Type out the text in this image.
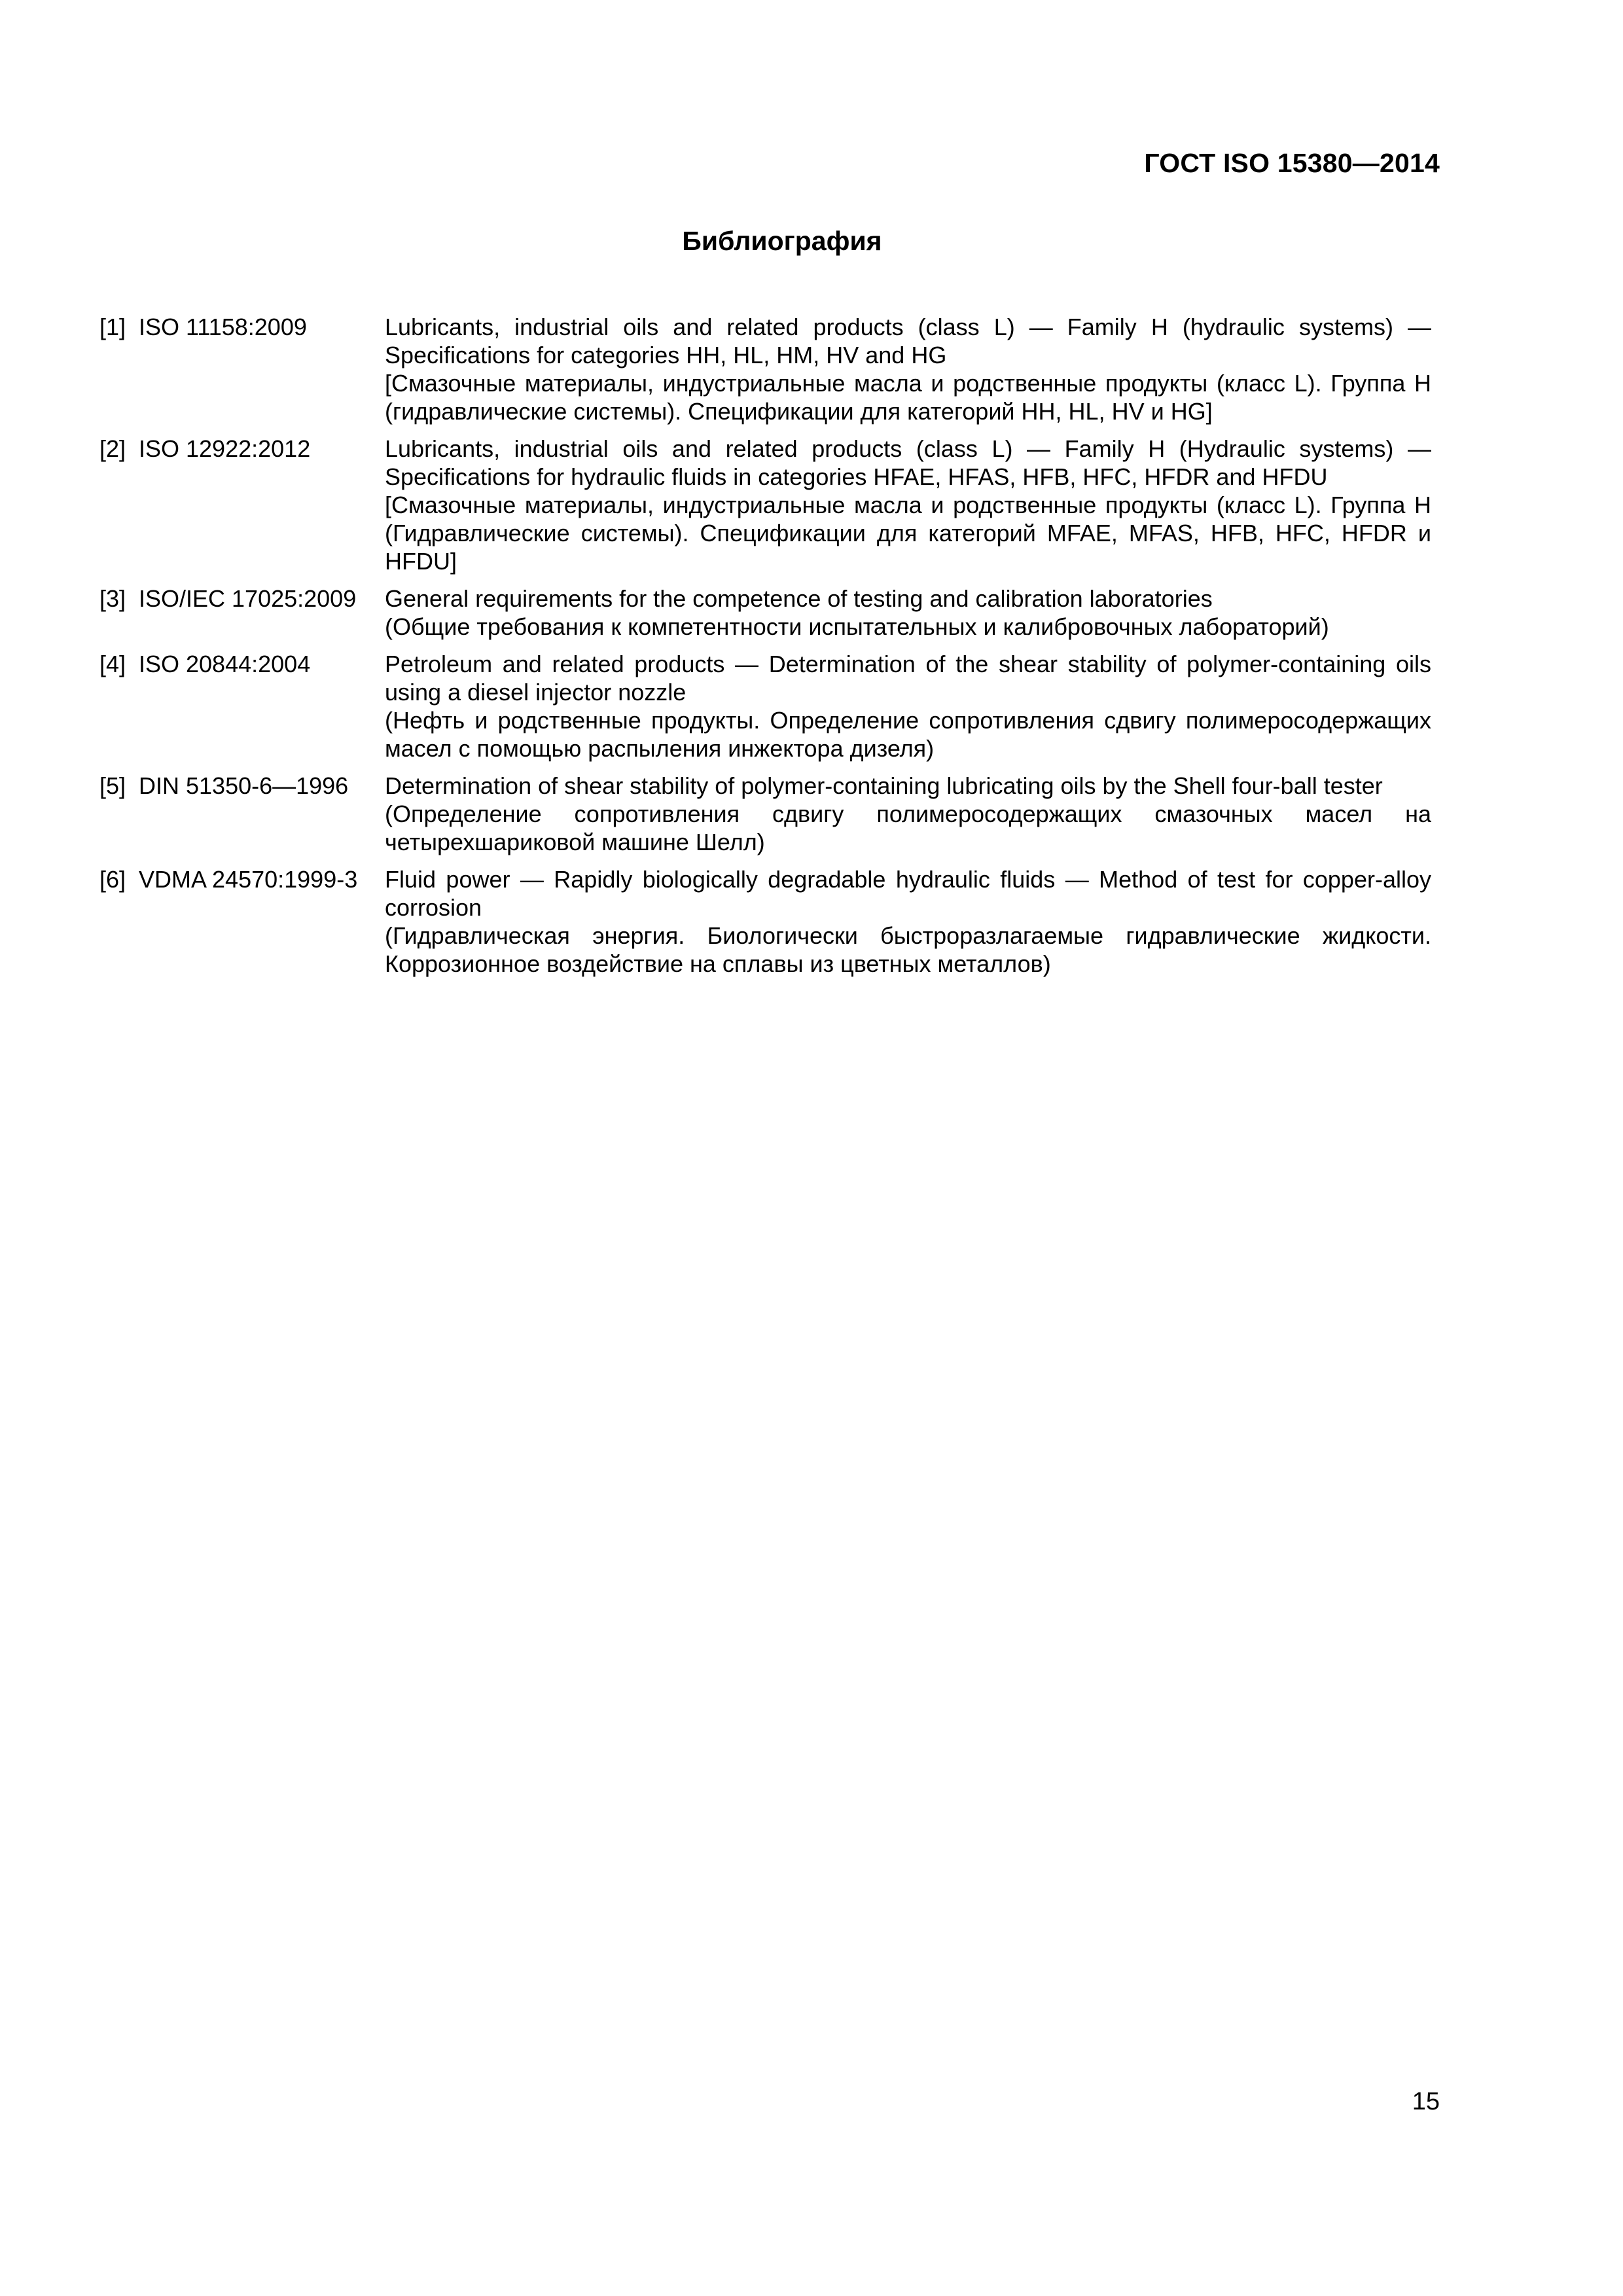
ГОСТ ISO 15380—2014
Библиография
[1] ISO 11158:2009	Lubricants, industrial oils and related products (class L) — Family H (hydraulic systems) — Specifications for categories HH, HL, HM, HV and HG

[Смазочные материалы, индустриальные масла и родственные продукты (класс L). Группа Н (гидравлические системы). Спецификации для категорий НН, HL, HV и HG]

[2] ISO 12922:2012	Lubricants, industrial oils and related products (class L) — Family H (Hydraulic systems) — Specifications for hydraulic fluids in categories HFAE, HFAS, HFB, HFC, HFDR and HFDU

[Смазочные материалы, индустриальные масла и родственные продукты (класс L). Группа Н (Гидравлические системы). Спецификации для категорий MFAE, MFAS, HFB, HFC, HFDR и HFDU]

[3] ISO/IEC 17025:2009	General requirements for the competence of testing and calibration laboratories

(Общие требования к компетентности испытательных и калибровочных лабораторий)

[4] ISO 20844:2004	Petroleum and related products — Determination of the shear stability of polymer-containing oils using a diesel injector nozzle

(Нефть и родственные продукты. Определение сопротивления сдвигу полимеросодержащих масел с помощью распыления инжектора дизеля)

[5] DIN 51350-6—1996	Determination of shear stability of polymer-containing lubricating oils by the Shell four-ball tester

(Определение сопротивления сдвигу полимеросодержащих смазочных масел на четырехшариковой машине Шелл)

[6] VDMA 24570:1999-3	Fluid power — Rapidly biologically degradable hydraulic fluids — Method of test for copper-alloy corrosion

(Гидравлическая энергия. Биологически быстроразлагаемые гидравлические жидкости. Коррозионное воздействие на сплавы из цветных металлов)

15
